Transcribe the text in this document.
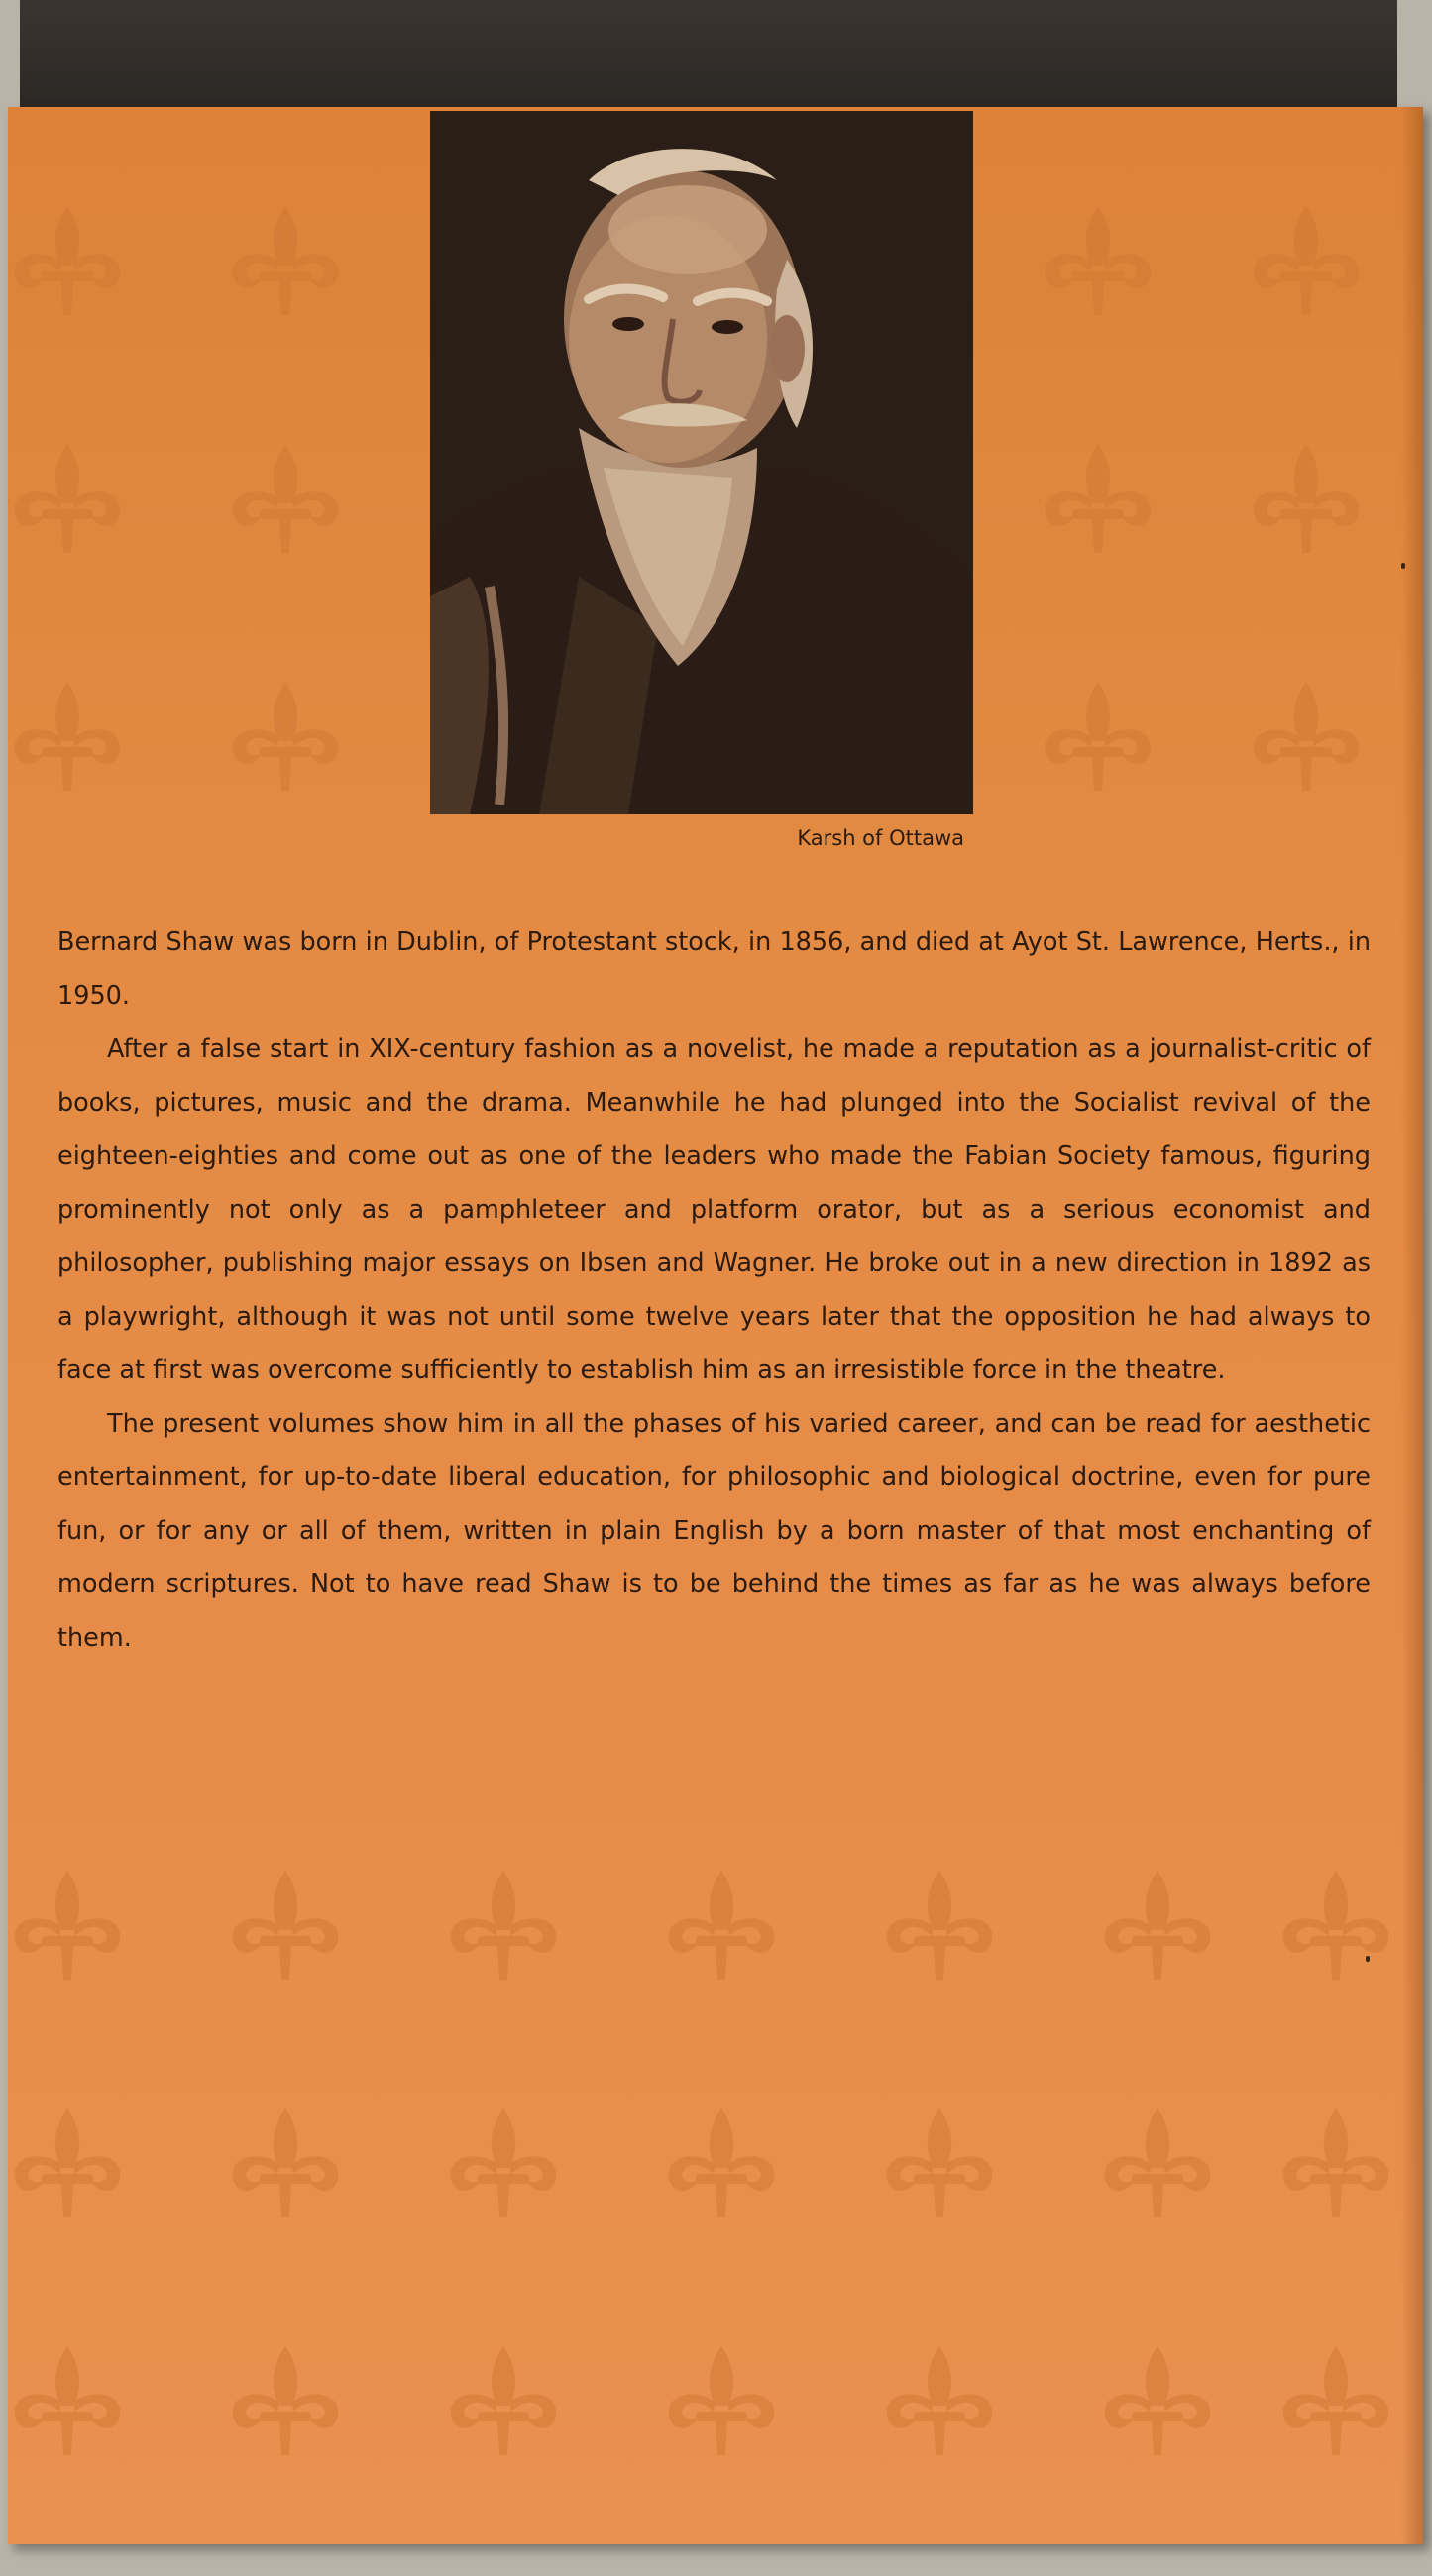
Karsh of Ottawa

Bernard Shaw was born in Dublin, of Protestant stock, in 1856, and died at Ayot St. Lawrence, Herts., in 1950.

After a false start in XIX-century fashion as a novelist, he made a reputation as a journalist-critic of books, pictures, music and the drama. Meanwhile he had plunged into the Socialist revival of the eighteen-eighties and come out as one of the leaders who made the Fabian Society famous, figuring prominently not only as a pamphleteer and platform orator, but as a serious economist and philosopher, publishing major essays on Ibsen and Wagner. He broke out in a new direction in 1892 as a playwright, although it was not until some twelve years later that the opposition he had always to face at first was overcome sufficiently to establish him as an irresistible force in the theatre.

The present volumes show him in all the phases of his varied career, and can be read for aesthetic entertainment, for up-to-date liberal education, for philosophic and biological doctrine, even for pure fun, or for any or all of them, written in plain English by a born master of that most enchanting of modern scriptures. Not to have read Shaw is to be behind the times as far as he was always before them.
